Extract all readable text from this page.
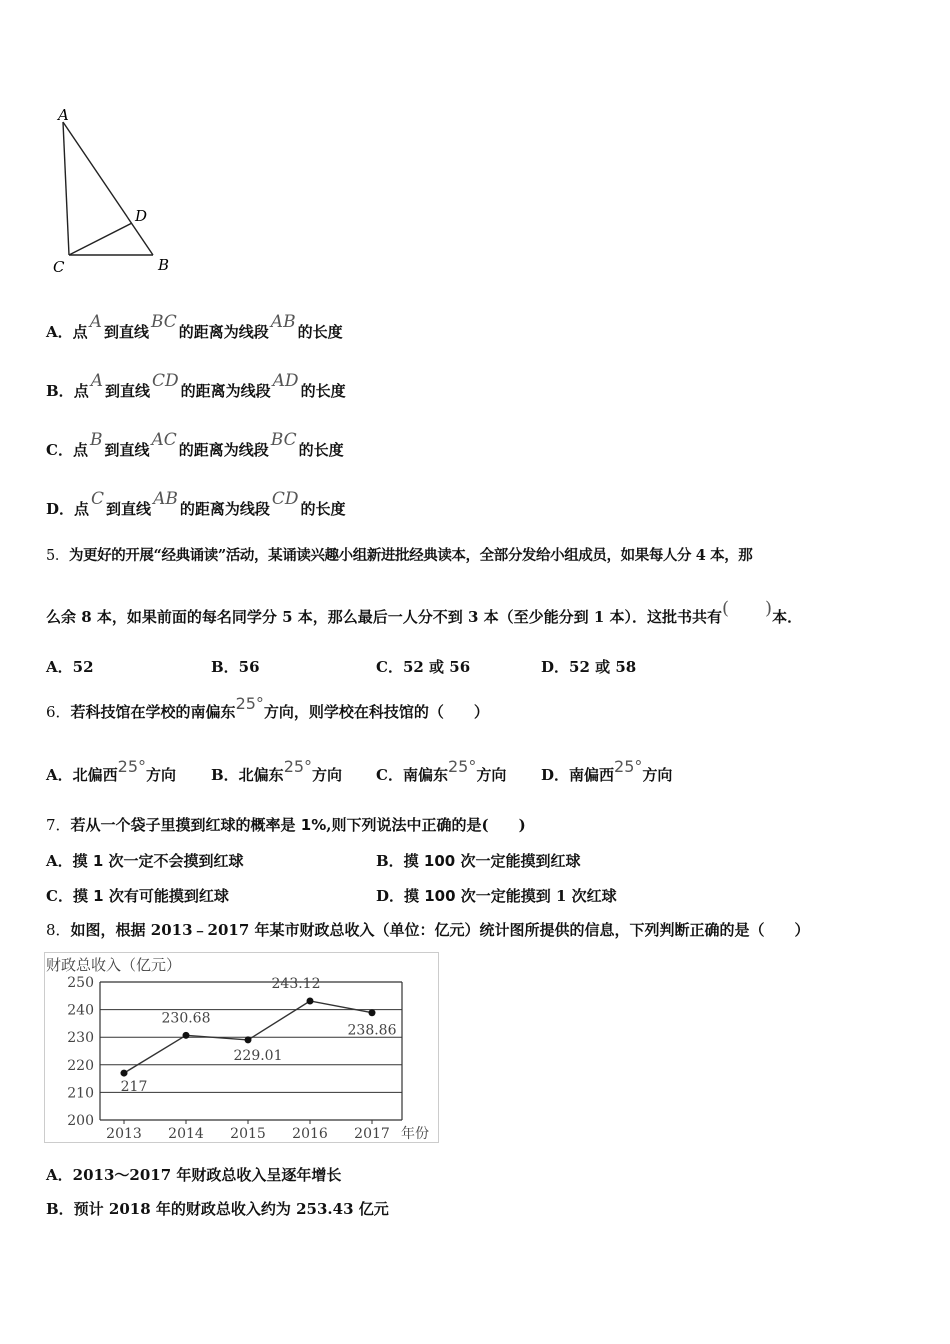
A
B
C
D
A．点 A 到直线 BC 的距离为线段 AB 的长度
B．点 A 到直线 CD 的距离为线段 AD 的长度
C．点 B 到直线 AC 的距离为线段 BC 的长度
D．点 C 到直线 AB 的距离为线段 CD 的长度
5．为更好的开展“经典诵读”活动，某诵读兴趣小组新进批经典读本，全部分发给小组成员，如果每人分 4 本，那
么余 8 本，如果前面的每名同学分 5 本，那么最后一人分不到 3 本（至少能分到 1 本）．这批书共有(　　)本．
A．52	B．56	C．52 或 56	D．52 或 58
6．若科技馆在学校的南偏东25°方向，则学校在科技馆的（　　）
A．北偏西25°方向 B．北偏东25°方向 C．南偏东25°方向 D．南偏西25°方向
7．若从一个袋子里摸到红球的概率是 1%,则下列说法中正确的是(　　)
A．摸 1 次一定不会摸到红球	B．摸 100 次一定能摸到红球
C．摸 1 次有可能摸到红球	D．摸 100 次一定能摸到 1 次红球
8．如图，根据 2013﹣2017 年某市财政总收入（单位：亿元）统计图所提供的信息，下列判断正确的是（　　）
财政总收入（亿元）
200
210
220
230
240
250
2013 2014 2015 2016 2017
217
230.68
229.01
243.12
238.86
年份
A．2013～2017 年财政总收入呈逐年增长
B．预计 2018 年的财政总收入约为 253.43 亿元
